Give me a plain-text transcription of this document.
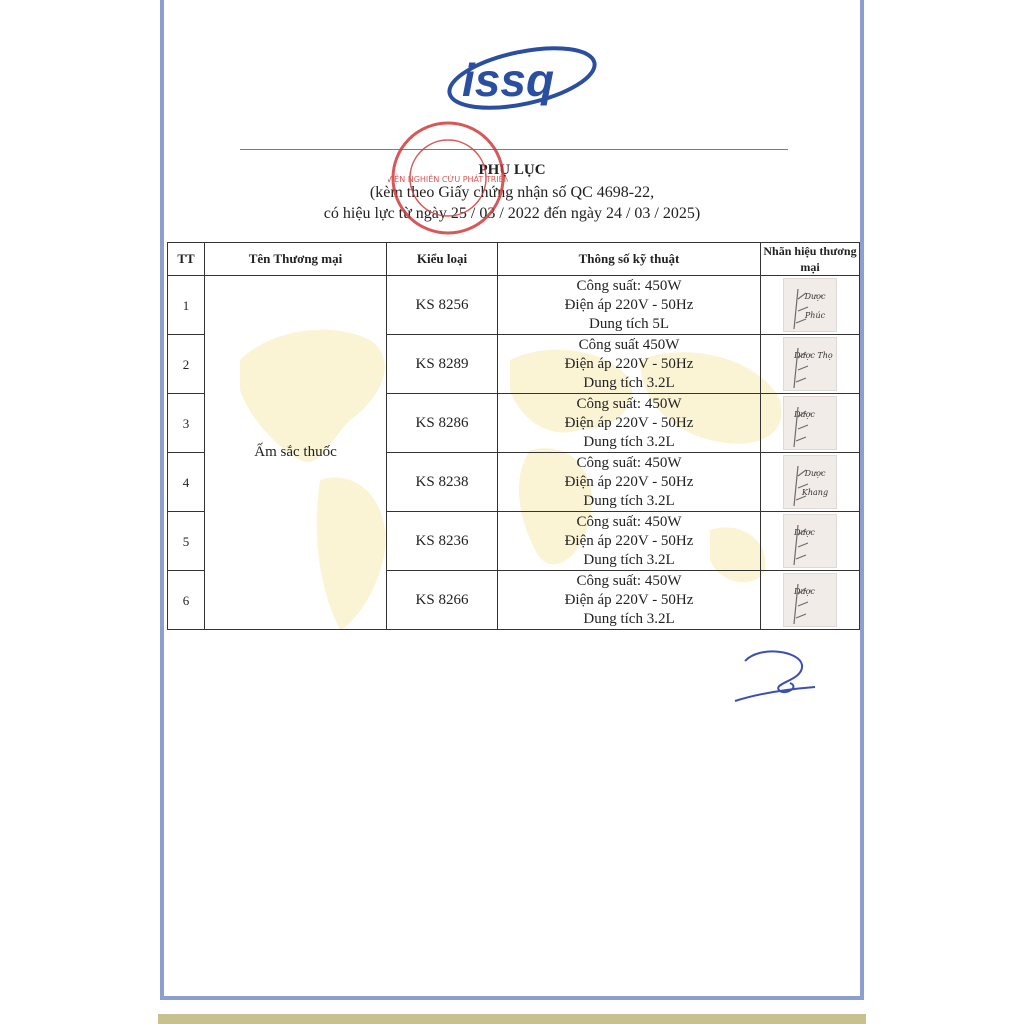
issq
PHỤ LỤC
(kèm theo Giấy chứng nhận số QC 4698-22,
có hiệu lực từ ngày 25 / 03 / 2022 đến ngày 24 / 03 / 2025)
VIỆN NGHIÊN CỨU PHÁT TRIỂN
TT	Tên Thương mại	Kiểu loại	Thông số kỹ thuật	Nhãn hiệu thương mại
1	Ấm sắc thuốc	KS 8256	Công suất: 450W
Điện áp 220V - 50Hz
Dung tích 5L	Dược Phúc

2		KS 8289	Công suất 450W
Điện áp 220V - 50Hz
Dung tích 3.2L	Dược Thọ

3		KS 8286	Công suất: 450W
Điện áp 220V - 50Hz
Dung tích 3.2L	Dược

4		KS 8238	Công suất: 450W
Điện áp 220V - 50Hz
Dung tích 3.2L	Dược Khang

5		KS 8236	Công suất: 450W
Điện áp 220V - 50Hz
Dung tích 3.2L	Dược

6		KS 8266	Công suất: 450W
Điện áp 220V - 50Hz
Dung tích 3.2L	Dược
